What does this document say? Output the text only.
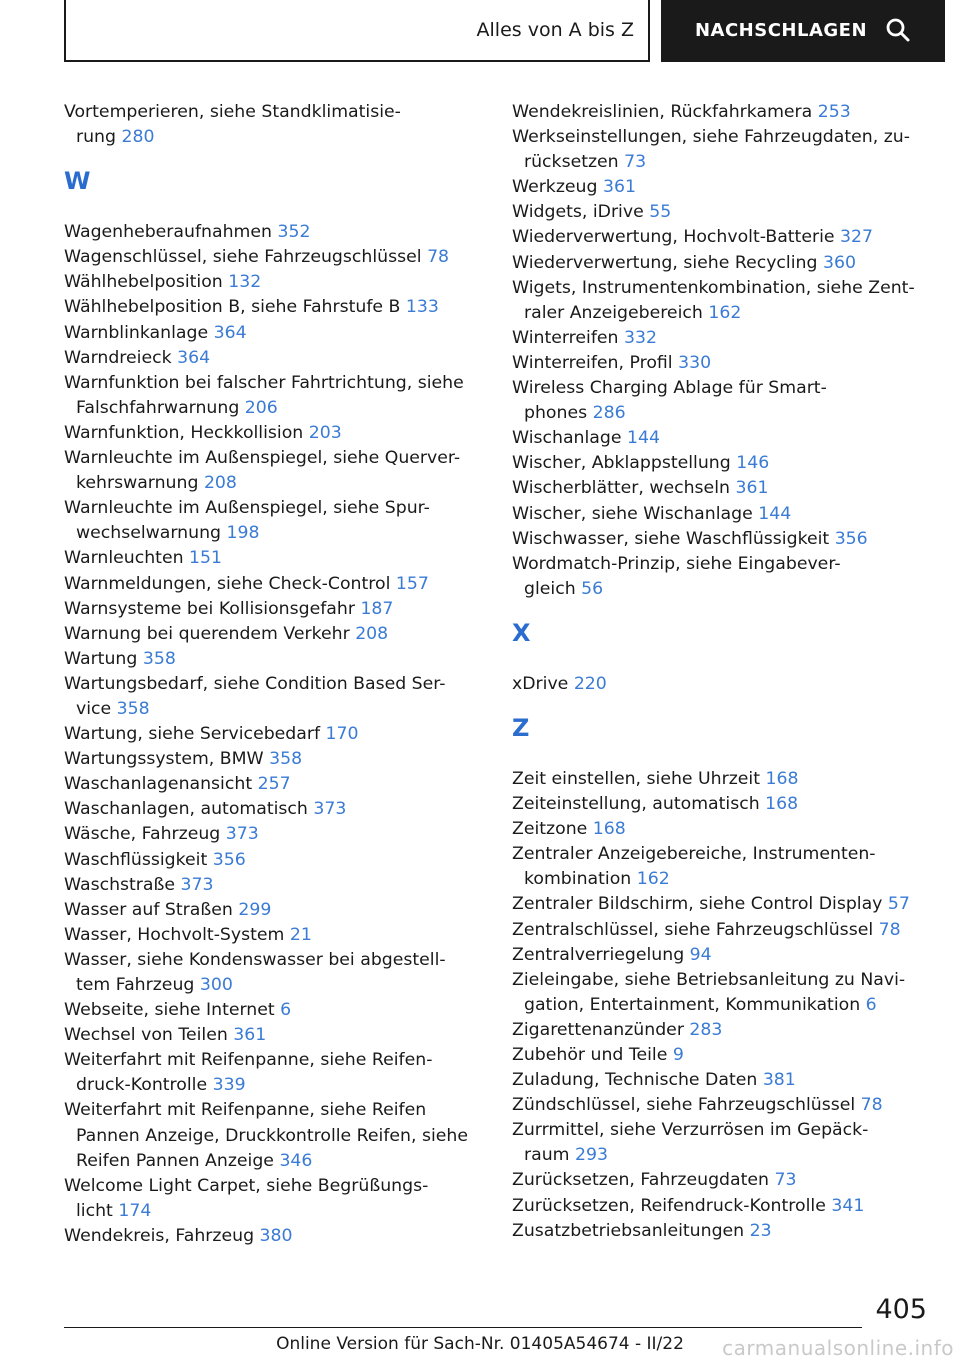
Alles von A bis Z	NACHSCHLAGEN
Vortemperieren, siehe Standklimatisie-
rung 280
W
Wagenheberaufnahmen 352
Wagenschlüssel, siehe Fahrzeugschlüssel 78
Wählhebelposition 132
Wählhebelposition B, siehe Fahrstufe B 133
Warnblinkanlage 364
Warndreieck 364
Warnfunktion bei falscher Fahrtrichtung, siehe
Falschfahrwarnung 206
Warnfunktion, Heckkollision 203
Warnleuchte im Außenspiegel, siehe Querver-
kehrswarnung 208
Warnleuchte im Außenspiegel, siehe Spur-
wechselwarnung 198
Warnleuchten 151
Warnmeldungen, siehe Check-Control 157
Warnsysteme bei Kollisionsgefahr 187
Warnung bei querendem Verkehr 208
Wartung 358
Wartungsbedarf, siehe Condition Based Ser-
vice 358
Wartung, siehe Servicebedarf 170
Wartungssystem, BMW 358
Waschanlagenansicht 257
Waschanlagen, automatisch 373
Wäsche, Fahrzeug 373
Waschflüssigkeit 356
Waschstraße 373
Wasser auf Straßen 299
Wasser, Hochvolt-System 21
Wasser, siehe Kondenswasser bei abgestell-
tem Fahrzeug 300
Webseite, siehe Internet 6
Wechsel von Teilen 361
Weiterfahrt mit Reifenpanne, siehe Reifen-
druck-Kontrolle 339
Weiterfahrt mit Reifenpanne, siehe Reifen
Pannen Anzeige, Druckkontrolle Reifen, siehe
Reifen Pannen Anzeige 346
Welcome Light Carpet, siehe Begrüßungs-
licht 174
Wendekreis, Fahrzeug 380
Wendekreislinien, Rückfahrkamera 253
Werkseinstellungen, siehe Fahrzeugdaten, zu-
rücksetzen 73
Werkzeug 361
Widgets, iDrive 55
Wiederverwertung, Hochvolt-Batterie 327
Wiederverwertung, siehe Recycling 360
Wigets, Instrumentenkombination, siehe Zent-
raler Anzeigebereich 162
Winterreifen 332
Winterreifen, Profil 330
Wireless Charging Ablage für Smart-
phones 286
Wischanlage 144
Wischer, Abklappstellung 146
Wischerblätter, wechseln 361
Wischer, siehe Wischanlage 144
Wischwasser, siehe Waschflüssigkeit 356
Wordmatch-Prinzip, siehe Eingabever-
gleich 56
X
xDrive 220
Z
Zeit einstellen, siehe Uhrzeit 168
Zeiteinstellung, automatisch 168
Zeitzone 168
Zentraler Anzeigebereiche, Instrumenten-
kombination 162
Zentraler Bildschirm, siehe Control Display 57
Zentralschlüssel, siehe Fahrzeugschlüssel 78
Zentralverriegelung 94
Zieleingabe, siehe Betriebsanleitung zu Navi-
gation, Entertainment, Kommunikation 6
Zigarettenanzünder 283
Zubehör und Teile 9
Zuladung, Technische Daten 381
Zündschlüssel, siehe Fahrzeugschlüssel 78
Zurrmittel, siehe Verzurrösen im Gepäck-
raum 293
Zurücksetzen, Fahrzeugdaten 73
Zurücksetzen, Reifendruck-Kontrolle 341
Zusatzbetriebsanleitungen 23
405
Online Version für Sach-Nr. 01405A54674 - II/22	carmanualsonline.info
